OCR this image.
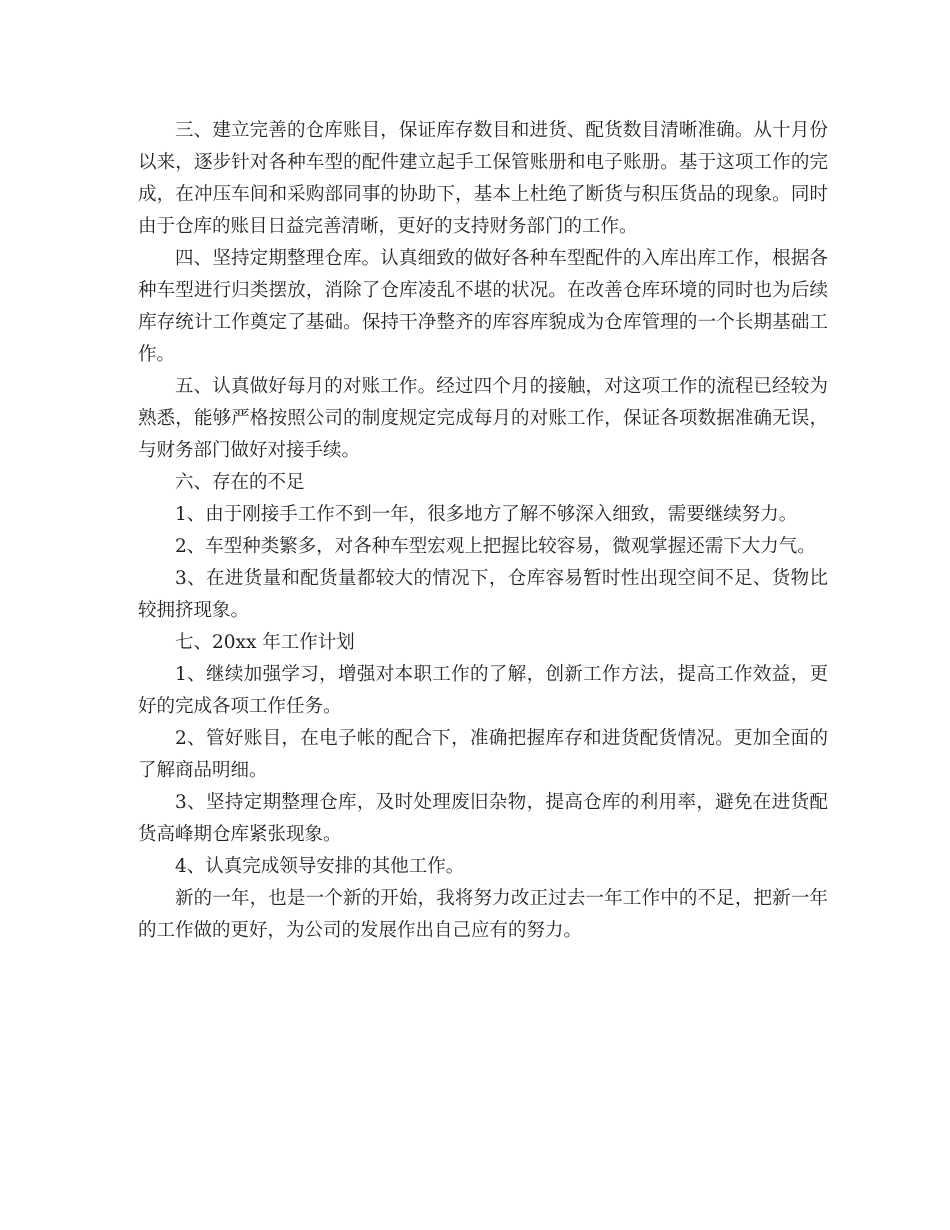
三、建立完善的仓库账目，保证库存数目和进货、配货数目清晰准确。从十月份以来，逐步针对各种车型的配件建立起手工保管账册和电子账册。基于这项工作的完成，在冲压车间和采购部同事的协助下，基本上杜绝了断货与积压货品的现象。同时由于仓库的账目日益完善清晰，更好的支持财务部门的工作。

四、坚持定期整理仓库。认真细致的做好各种车型配件的入库出库工作，根据各种车型进行归类摆放，消除了仓库凌乱不堪的状况。在改善仓库环境的同时也为后续库存统计工作奠定了基础。保持干净整齐的库容库貌成为仓库管理的一个长期基础工作。

五、认真做好每月的对账工作。经过四个月的接触，对这项工作的流程已经较为熟悉，能够严格按照公司的制度规定完成每月的对账工作，保证各项数据准确无误，与财务部门做好对接手续。

六、存在的不足

1、由于刚接手工作不到一年，很多地方了解不够深入细致，需要继续努力。

2、车型种类繁多，对各种车型宏观上把握比较容易，微观掌握还需下大力气。

3、在进货量和配货量都较大的情况下，仓库容易暂时性出现空间不足、货物比较拥挤现象。

七、20xx 年工作计划

1、继续加强学习，增强对本职工作的了解，创新工作方法，提高工作效益，更好的完成各项工作任务。

2、管好账目，在电子帐的配合下，准确把握库存和进货配货情况。更加全面的了解商品明细。

3、坚持定期整理仓库，及时处理废旧杂物，提高仓库的利用率，避免在进货配货高峰期仓库紧张现象。

4、认真完成领导安排的其他工作。

新的一年，也是一个新的开始，我将努力改正过去一年工作中的不足，把新一年的工作做的更好，为公司的发展作出自己应有的努力。
